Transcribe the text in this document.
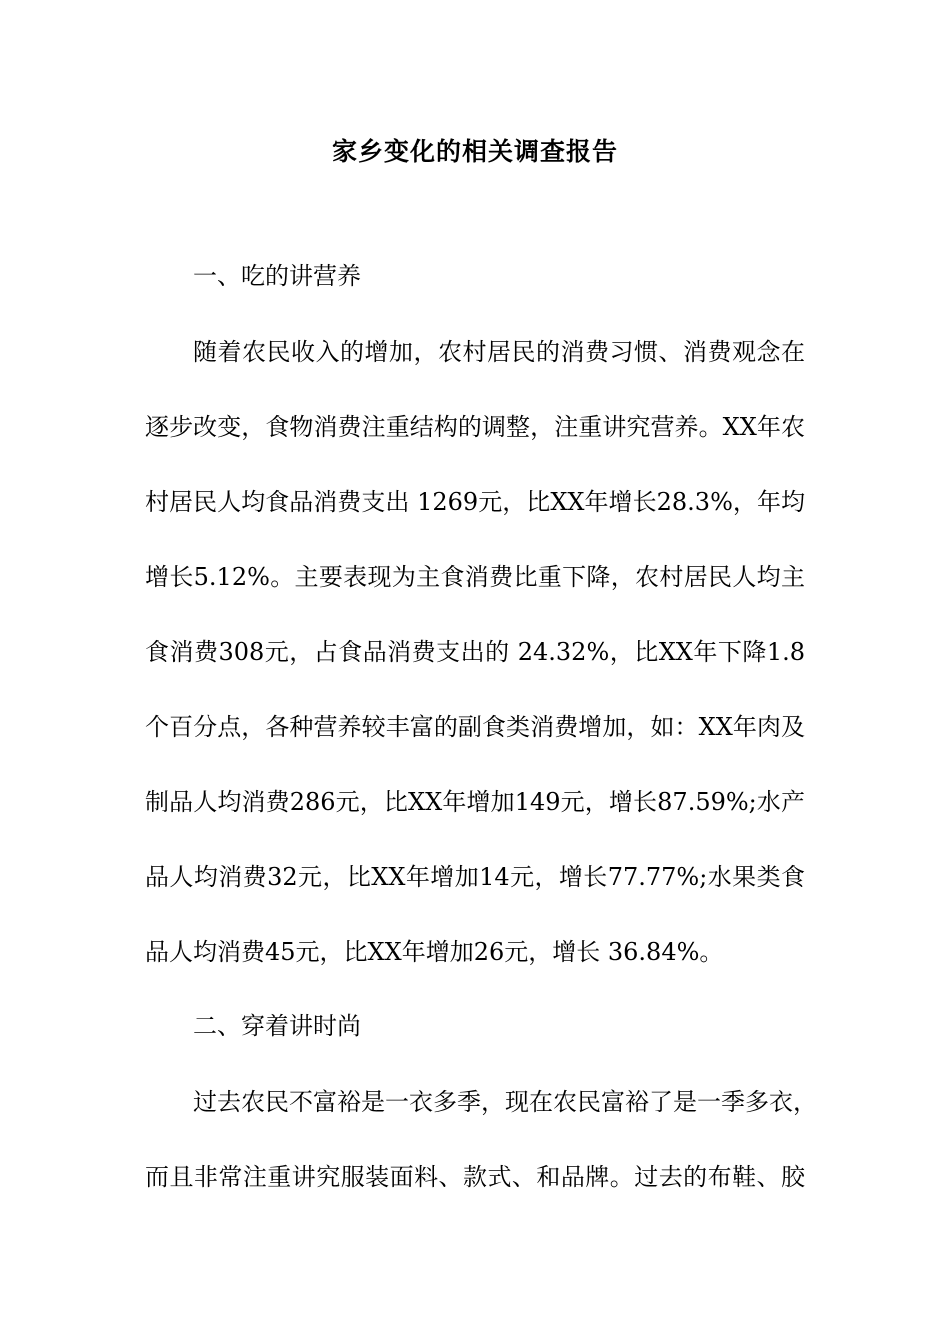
家乡变化的相关调查报告

一、吃的讲营养

随着农民收入的增加，农村居民的消费习惯、消费观念在

逐步改变，食物消费注重结构的调整，注重讲究营养。XX年农

村居民人均食品消费支出 1269元，比XX年增长28.3%，年均

增长5.12%。主要表现为主食消费比重下降，农村居民人均主

食消费308元，占食品消费支出的 24.32%，比XX年下降1.8

个百分点，各种营养较丰富的副食类消费增加，如：XX年肉及

制品人均消费286元，比XX年增加149元，增长87.59%;水产

品人均消费32元，比XX年增加14元，增长77.77%;水果类食

品人均消费45元，比XX年增加26元，增长 36.84%。

二、穿着讲时尚

过去农民不富裕是一衣多季，现在农民富裕了是一季多衣，

而且非常注重讲究服装面料、款式、和品牌。过去的布鞋、胶
